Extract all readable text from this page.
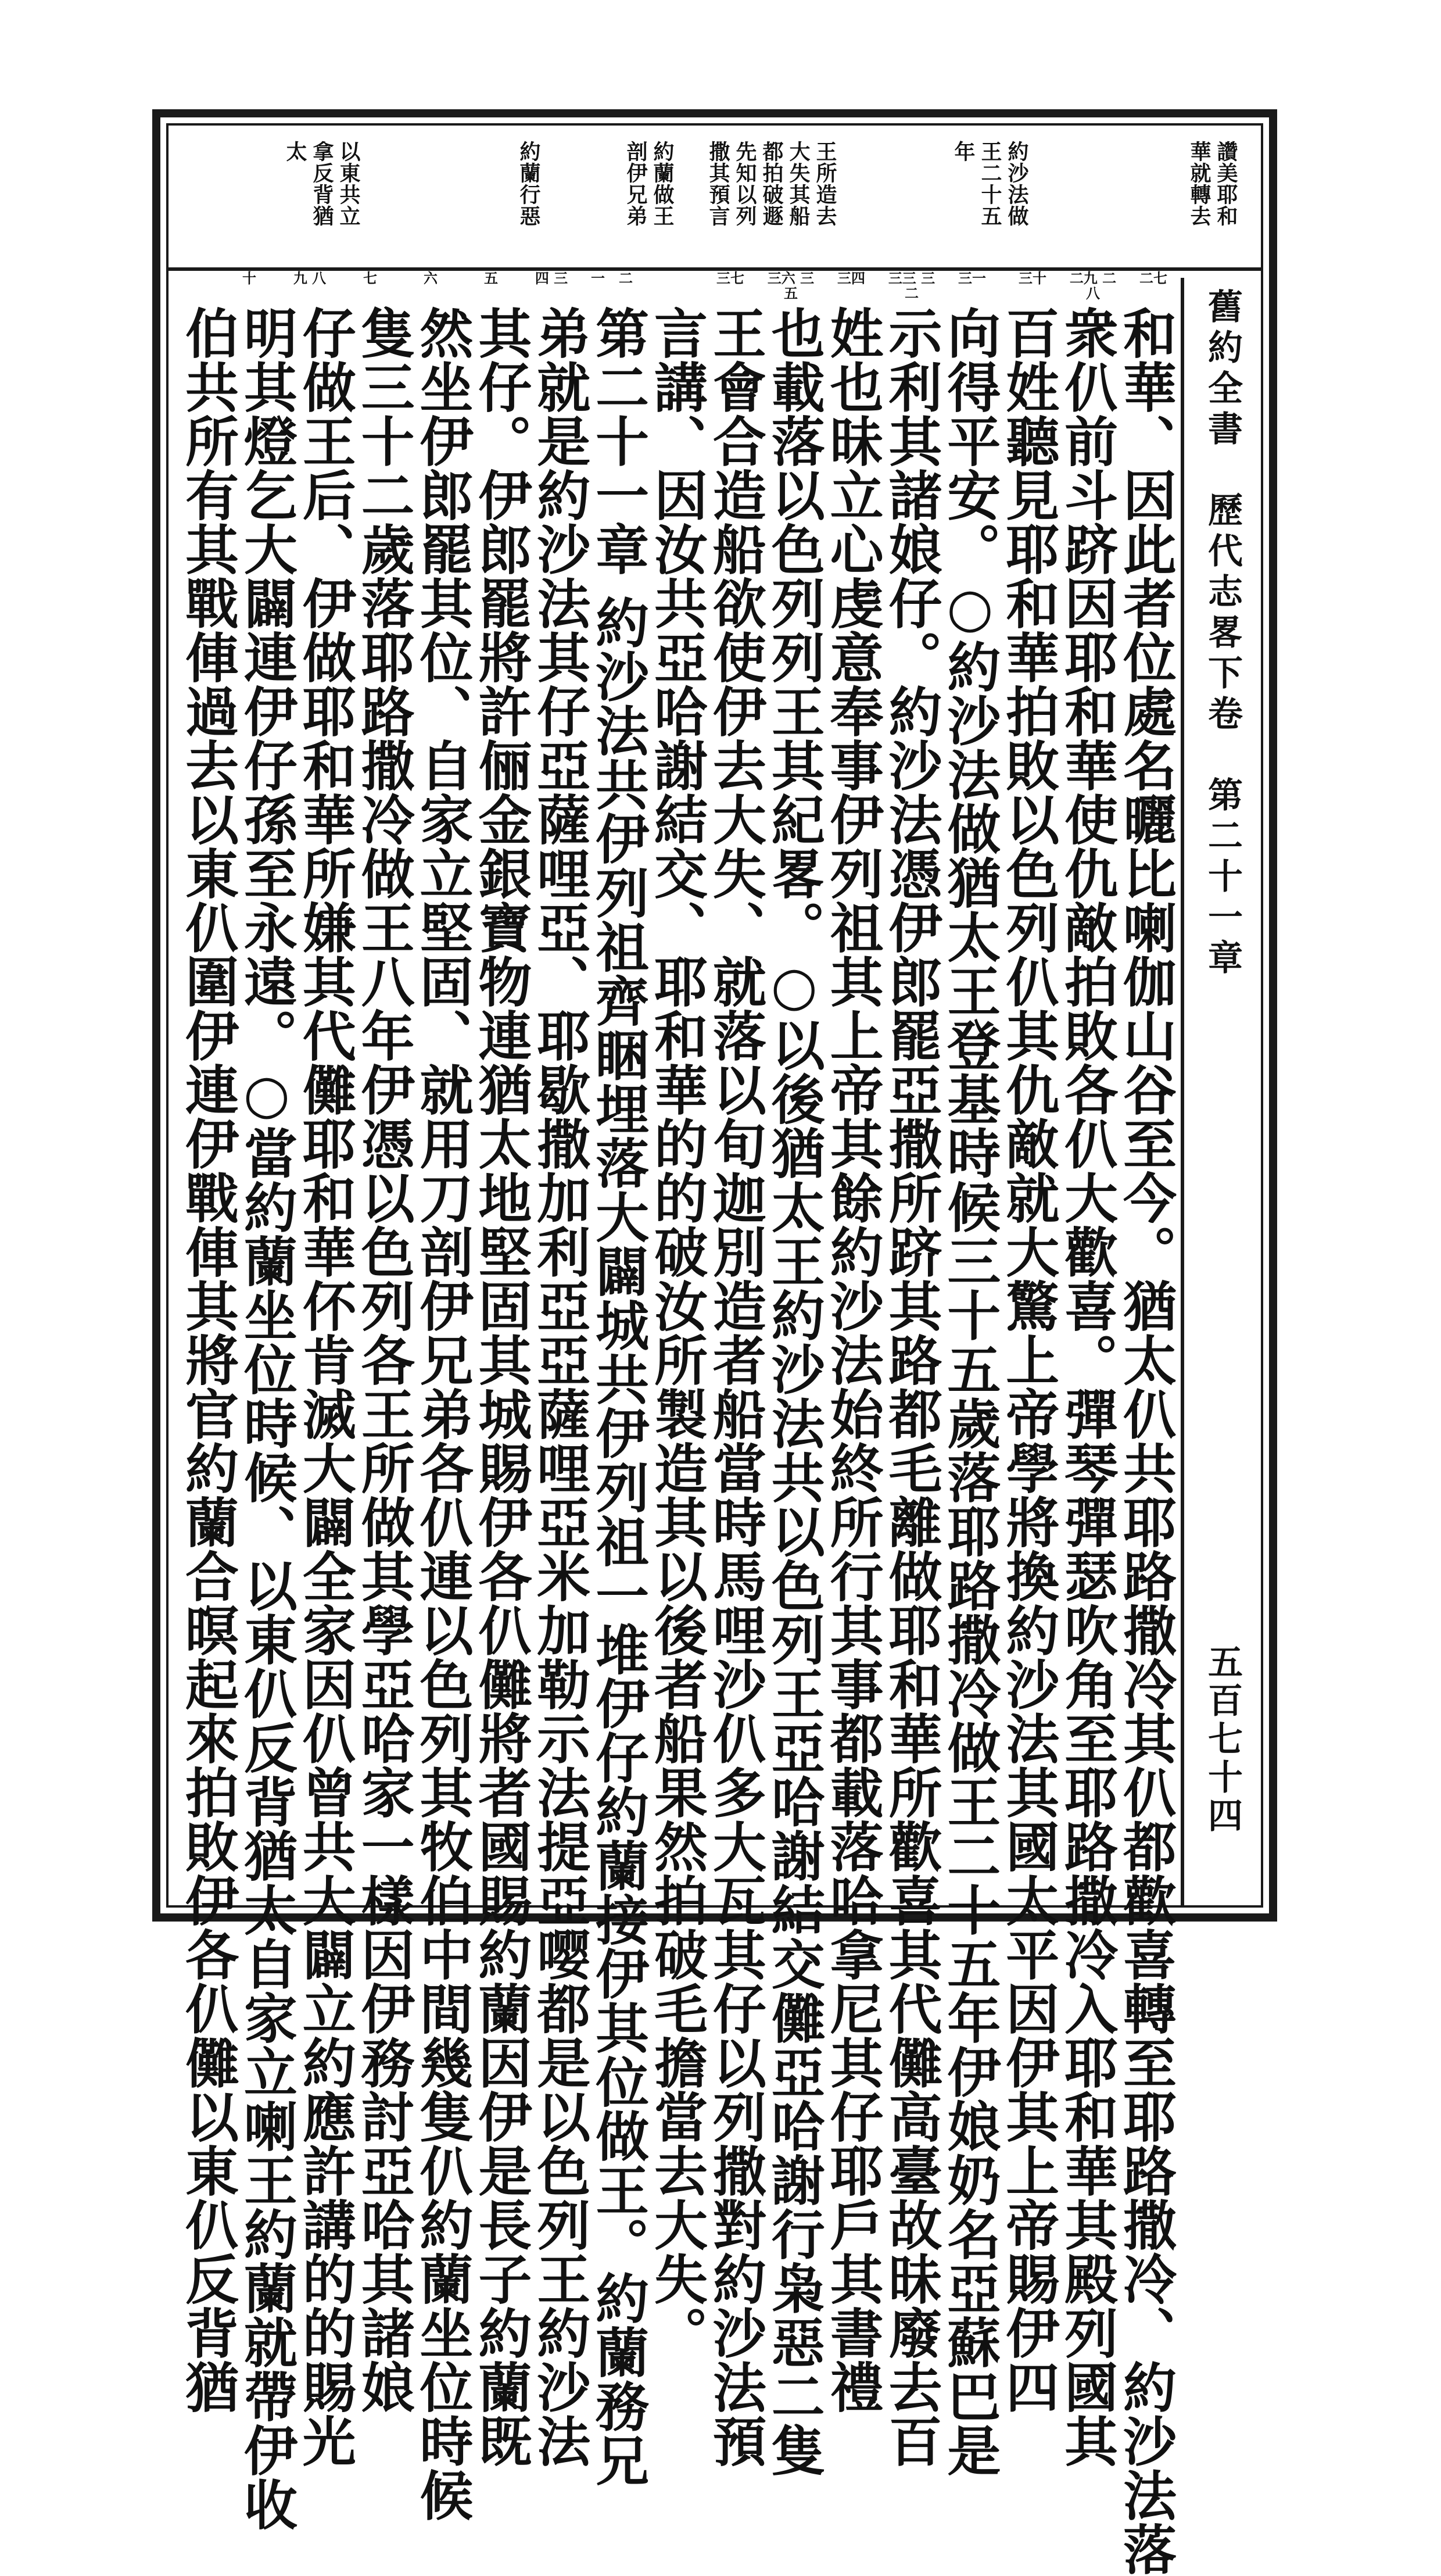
讚美耶和
華就轉去
約沙法做
王二十五
年
王所造去
大失其船
都拍破遯
先知以列
撒其預言
約蘭做王
剖伊兄弟
約蘭行惡
以東共立
拿反背猶
太
舊約全書　歷代志畧下卷　第二十一章
五百七十四
二七
二九 二八
三十
三一
三三 三二
三四
三六 三五
三七
一　二
四 三
五
六
七
九 八
十
和華、因此者位處名曬比喇伽山谷至今。猶太仈共耶路撒冷其仈都歡喜轉至耶路撒冷、約沙法落
衆仈前斗跻因耶和華使仇敵拍敗各仈大歡喜。彈琴彈瑟吹角至耶路撒冷入耶和華其殿列國其
百姓聽見耶和華拍敗以色列仈其仇敵就大驚上帝學將換約沙法其國太平因伊其上帝賜伊四
向得平安。○約沙法做猶太王登基時候三十五歲落耶路撒冷做王二十五年伊娘奶名亞蘇巴是
示利其諸娘仔。約沙法憑伊郎罷亞撒所跻其路都毛離做耶和華所歡喜其代儺高臺故昧廢去百
姓也昧立心虔意奉事伊列祖其上帝其餘約沙法始終所行其事都載落哈拿尼其仔耶戶其書禮
也載落以色列列王其紀畧。○以後猶太王約沙法共以色列王亞哈謝結交儺亞哈謝行枭惡二隻
王會合造船欲使伊去大失、就落以旬迦別造者船當時馬哩沙仈多大瓦其仔以列撒對約沙法預
言講、因汝共亞哈謝結交、耶和華的的破汝所製造其以後者船果然拍破毛擔當去大失。
第二十一章 約沙法共伊列祖齊睏埋落大闢城共伊列祖一堆伊仔約蘭接伊其位做王。約蘭務兄
弟就是約沙法其仔亞薩哩亞、耶歇撒加利亞亞薩哩亞米加勒示法提亞嘤都是以色列王約沙法
其仔。伊郎罷將許俪金銀寶物連猶太地堅固其城賜伊各仈儺將者國賜約蘭因伊是長子約蘭既
然坐伊郎罷其位、自家立堅固、就用刀剖伊兄弟各仈連以色列其牧伯中間幾隻仈約蘭坐位時候
隻三十二歲落耶路撒冷做王八年伊憑以色列各王所做其學亞哈家一樣因伊務討亞哈其諸娘
仔做王后、伊做耶和華所嫌其代儺耶和華伓肯滅大闢全家因仈曾共大闢立約應許講的的賜光
明其燈乞大闢連伊仔孫至永遠。○當約蘭坐位時候、以東仈反背猶太自家立喇王約蘭就帶伊收
伯共所有其戰俥過去以東仈圍伊連伊戰俥其將官約蘭合暝起來拍敗伊各仈儺以東仈反背猶
